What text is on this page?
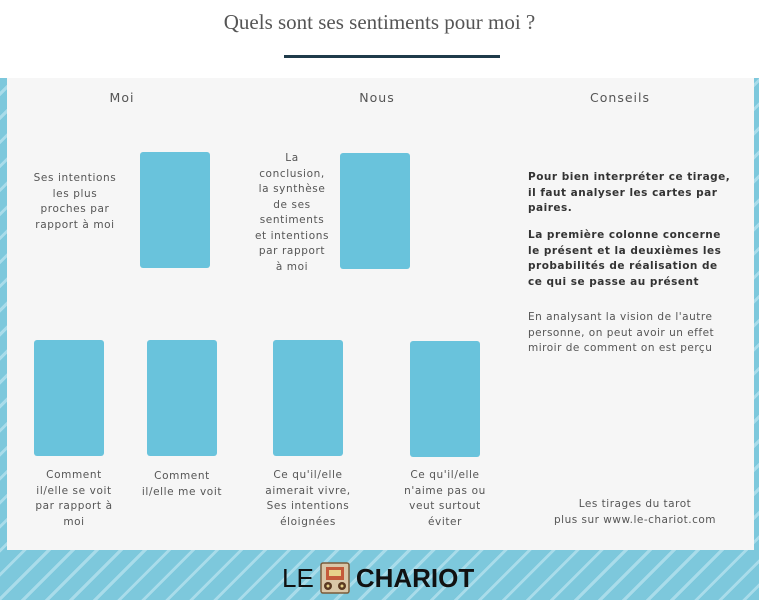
Quels sont ses sentiments pour moi ?
Moi	Nous	Conseils
Ses intentions
les plus
proches par
rapport à moi
La
conclusion,
la synthèse
de ses
sentiments
et intentions
par rapport
à moi
Comment
il/elle se voit
par rapport à
moi
Comment
il/elle me voit
Ce qu'il/elle
aimerait vivre,
Ses intentions
éloignées
Ce qu'il/elle
n'aime pas ou
veut surtout
éviter
Pour bien interpréter ce tirage, il faut analyser les cartes par paires.
La première colonne concerne le présent et la deuxièmes les probabilités de réalisation de ce qui se passe au présent
En analysant la vision de l'autre personne, on peut avoir un effet miroir de comment on est perçu
Les tirages du tarot
plus sur www.le-chariot.com
LE CHARIOT
